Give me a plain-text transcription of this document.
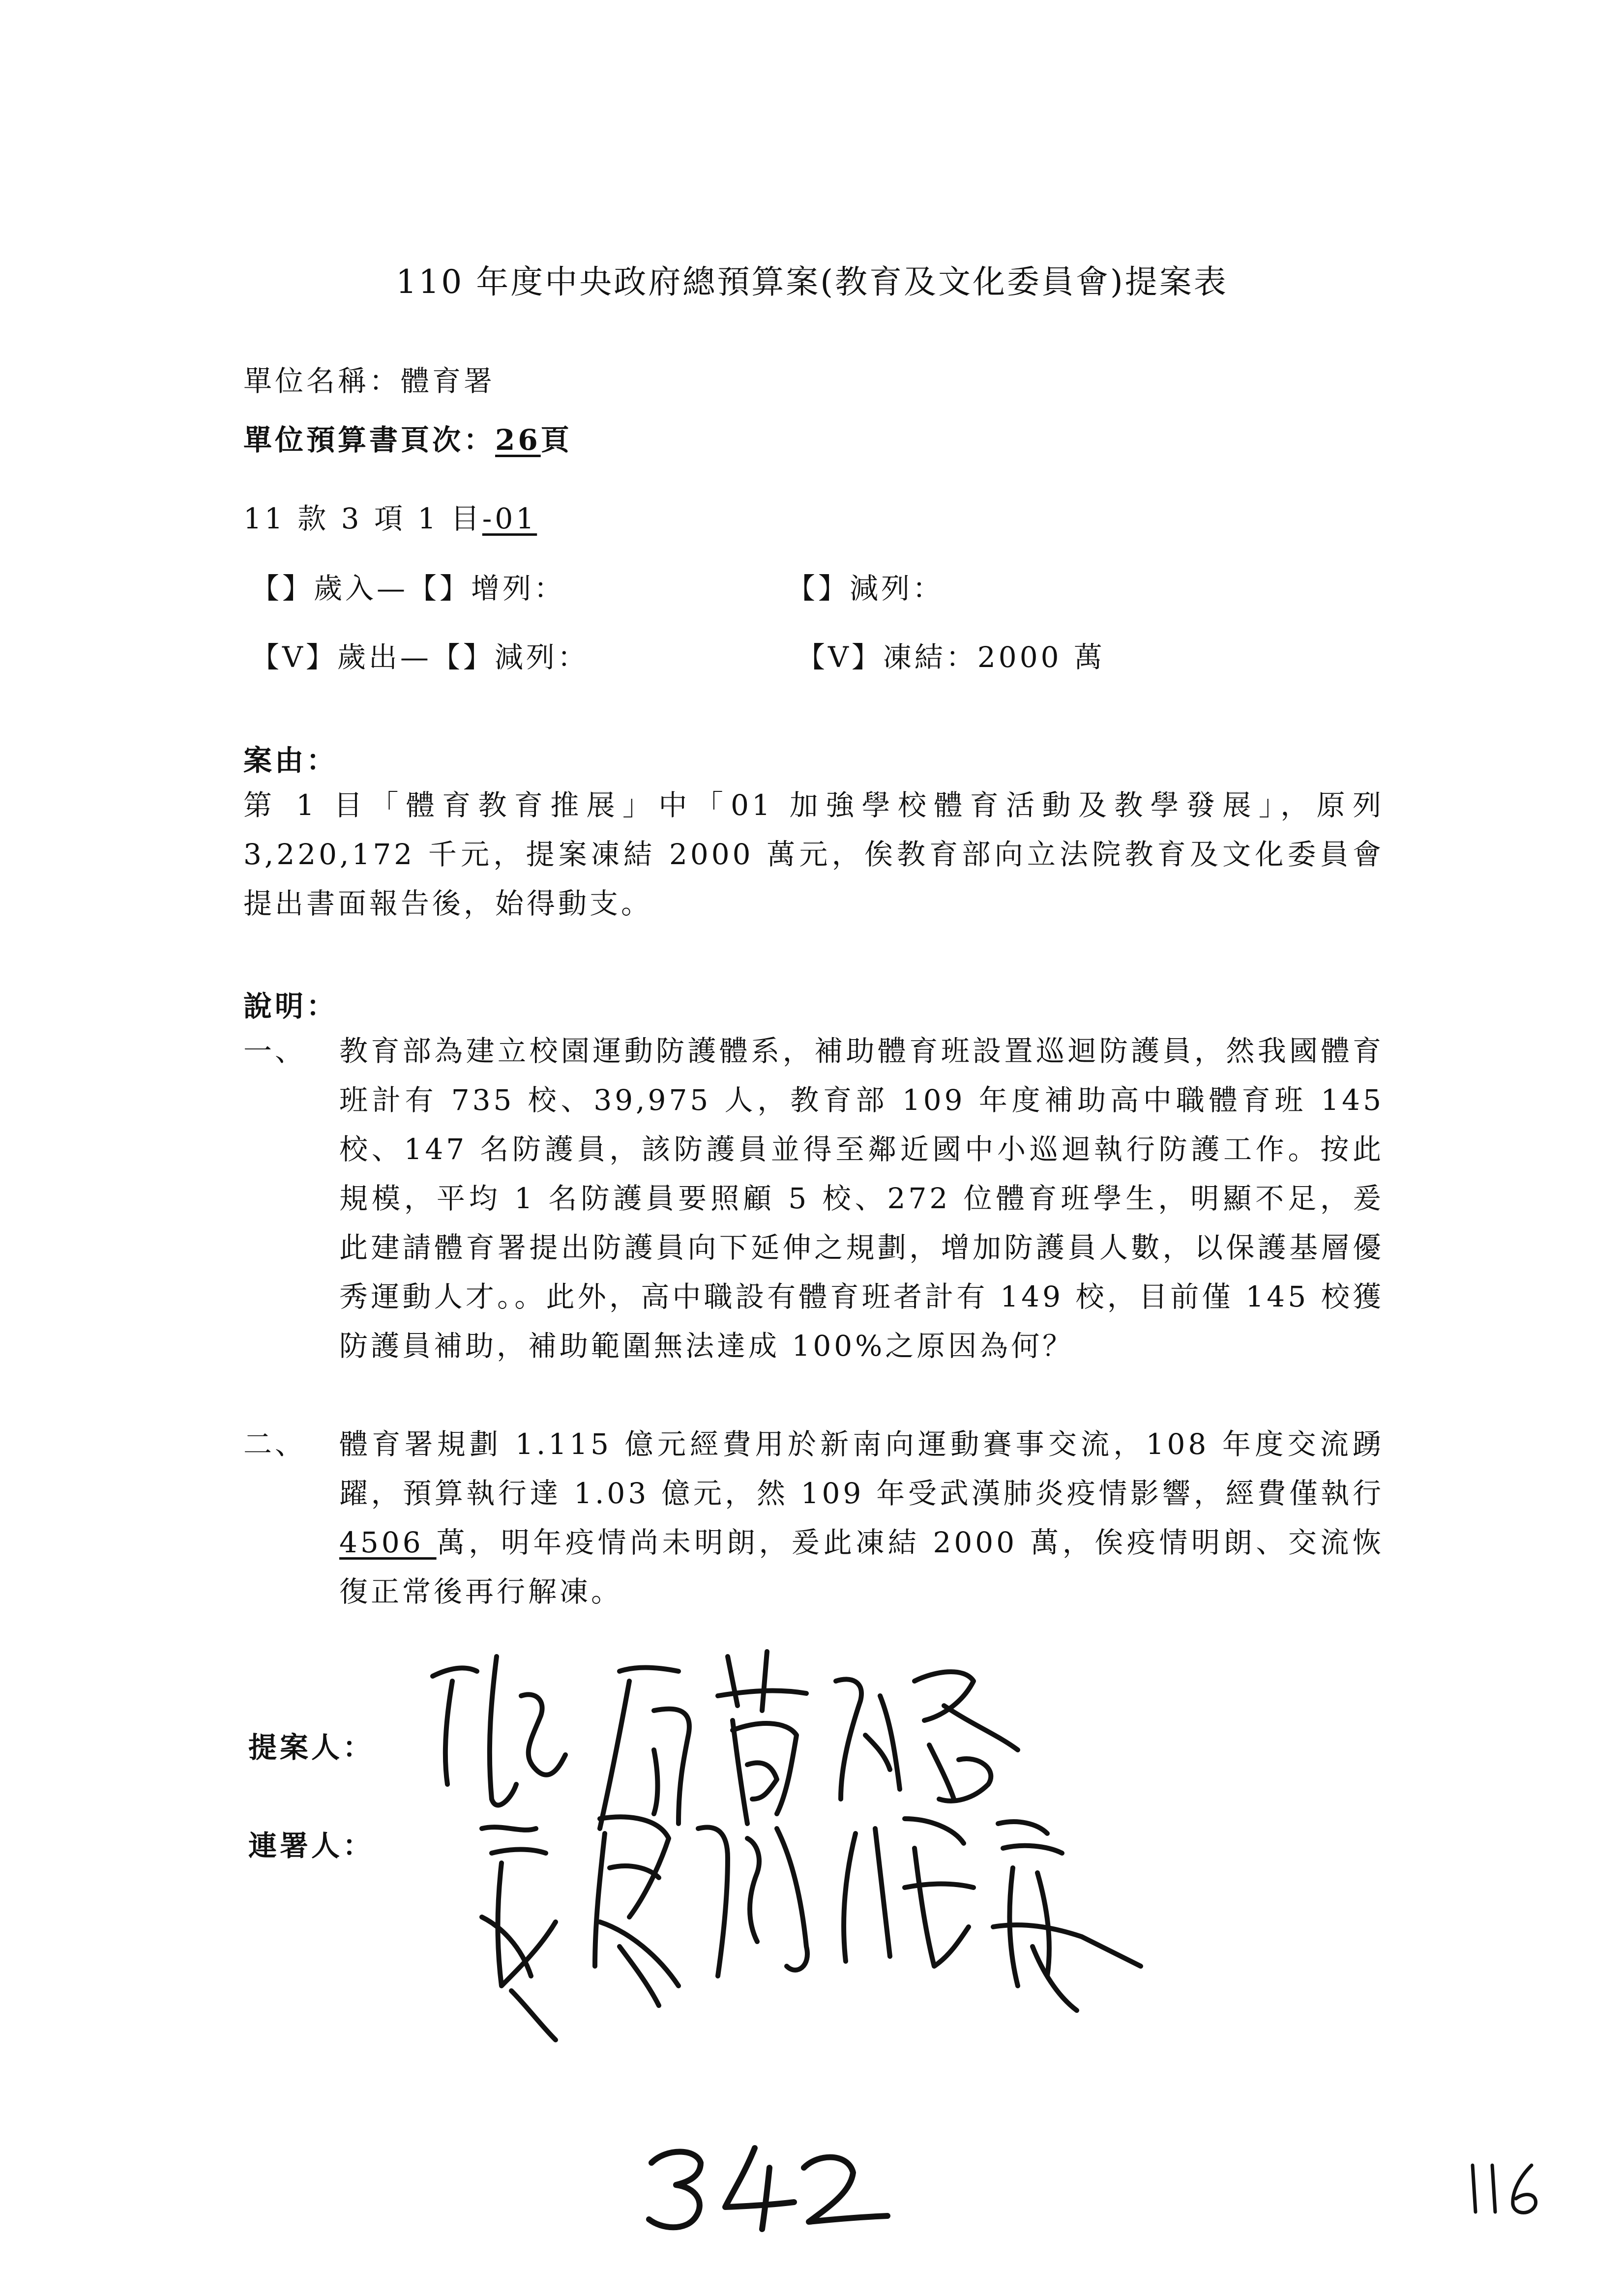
110 年度中央政府總預算案(教育及文化委員會)提案表
單位名稱：體育署
單位預算書頁次：26頁
11 款 3 項 1 目-01
【】歲入—【】增列：	【】減列：
【V】歲出—【】減列：	【V】凍結：2000 萬
案由：
第 1 目「體育教育推展」中「01 加強學校體育活動及教學發展」，原列 3,220,172 千元，提案凍結 2000 萬元，俟教育部向立法院教育及文化委員會提出書面報告後，始得動支。
說明：
一、 教育部為建立校園運動防護體系，補助體育班設置巡迴防護員，然我國體育班計有 735 校、39,975 人，教育部 109 年度補助高中職體育班 145 校、147 名防護員，該防護員並得至鄰近國中小巡迴執行防護工作。按此規模，平均 1 名防護員要照顧 5 校、272 位體育班學生，明顯不足，爰此建請體育署提出防護員向下延伸之規劃，增加防護員人數，以保護基層優秀運動人才。。此外，高中職設有體育班者計有 149 校，目前僅 145 校獲防護員補助，補助範圍無法達成 100%之原因為何？
二、 體育署規劃 1.115 億元經費用於新南向運動賽事交流，108 年度交流踴躍，預算執行達 1.03 億元，然 109 年受武漢肺炎疫情影響，經費僅執行 4506 萬，明年疫情尚未明朗，爰此凍結 2000 萬，俟疫情明朗、交流恢復正常後再行解凍。
提案人：
連署人：
